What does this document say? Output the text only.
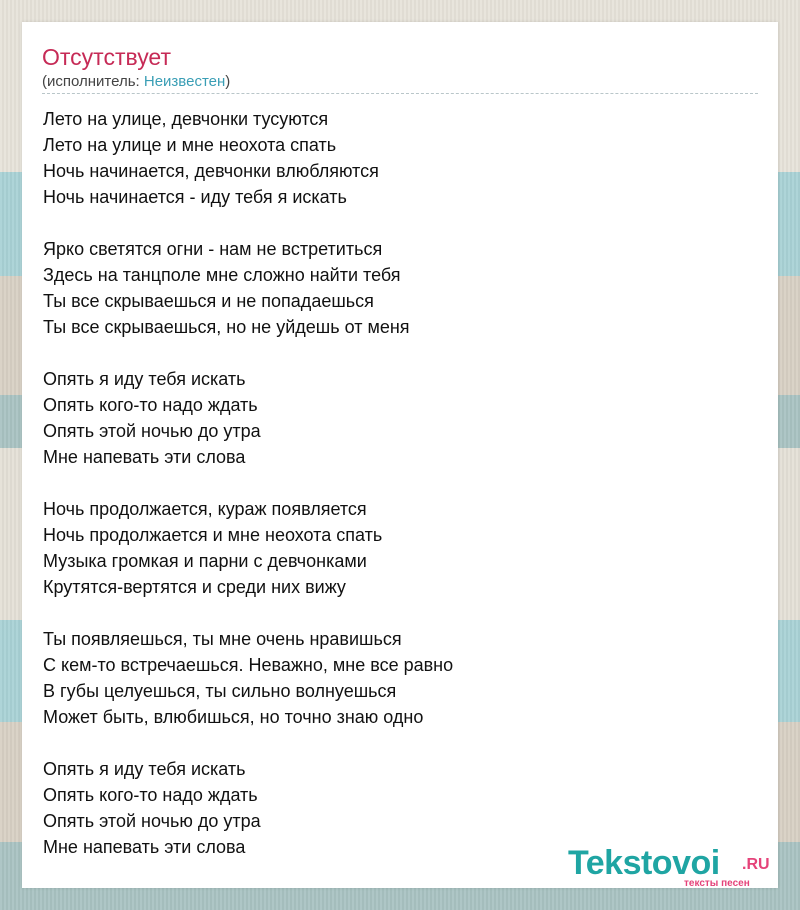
Отсутствует
(исполнитель: Неизвестен)
Лето на улице, девчонки тусуются
Лето на улице и мне неохота спать
Ночь начинается, девчонки влюбляются
Ночь начинается - иду тебя я искать
Ярко светятся огни - нам не встретиться
Здесь на танцполе мне сложно найти тебя
Ты все скрываешься и не попадаешься
Ты все скрываешься, но не уйдешь от меня
Опять я иду тебя искать
Опять кого-то надо ждать
Опять этой ночью до утра
Мне напевать эти слова
Ночь продолжается, кураж появляется
Ночь продолжается и мне неохота спать
Музыка громкая и парни с девчонками
Крутятся-вертятся и среди них вижу
Ты появляешься, ты мне очень нравишься
С кем-то встречаешься. Неважно, мне все равно
В губы целуешься, ты сильно волнуешься
Может быть, влюбишься, но точно знаю одно
Опять я иду тебя искать
Опять кого-то надо ждать
Опять этой ночью до утра
Мне напевать эти слова	Tekstovoi .RU
тексты песен
